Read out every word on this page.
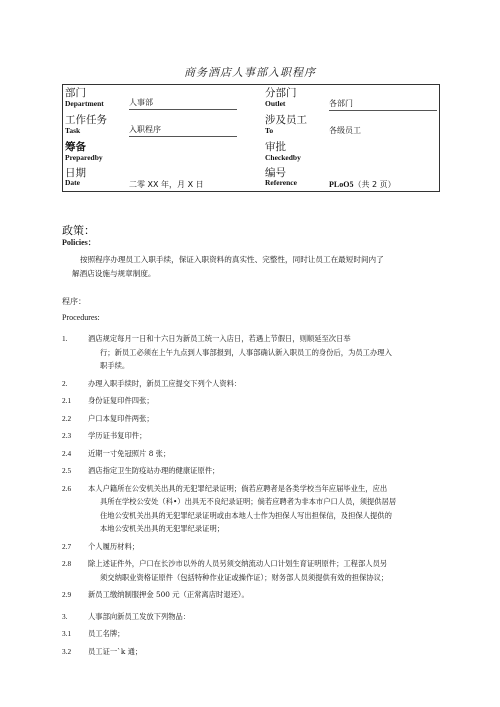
商务酒店人事部入职程序
部门
Department	人事部
分部门
Outlet	各部门
工作任务
Task	入职程序
涉及员工
To	各级员工
筹备
Preparedby
审批
Checkedby
日期
Date	二零 XX 年，月 X 日
编号
Reference	PLoO5（共 2 页）
政策：
Policies：
按照程序办理员工入职手续，保证入职资料的真实性、完整性，同时让员工在最短时间内了
解酒店设施与规章制度。
程序：
Procedures:
1.	酒店规定每月一日和十六日为新员工统一入店日，若遇上节假日，则顺延至次日举
行；新员工必须在上午九点到人事部报到，人事部确认新入职员工的身份后，为员工办理入
职手续。
2.	办理入职手续时，新员工应提交下列个人资料：
2.1	身份证复印件四张；
2.2	户口本复印件两张；
2.3	学历证书复印件；
2.4	近期一寸免冠照片 8 张；
2.5	酒店指定卫生防疫站办理的健康证原件；
2.6	本人户籍所在公安机关出具的无犯罪纪录证明；倘若应聘者是各类学校当年应届毕业生，应出
具所在学校公安处（科•）出具无不良纪录证明；倘若应聘者为非本市户口人员，须提供居居
住地公安机关出具的无犯罪纪录证明或由本地人士作为担保人写出担保信，及担保人提供的
本地公安机关出具的无犯罪纪录证明；
2.7	个人履历材料；
2.8	除上述证件外，户口在长沙市以外的人员另须交纳流动人口计划生育证明原件；工程部人员另
须交纳职业资格证原件（包括特种作业证或操作证）；财务部人员须提供有效的担保协议；
2.9	新员工缴纳制服押金 500 元（正常离店时退还）。
3.	人事部向新员工发放下列物品：
3.1	员工名牌；
3.2	员工证一`k 通；
